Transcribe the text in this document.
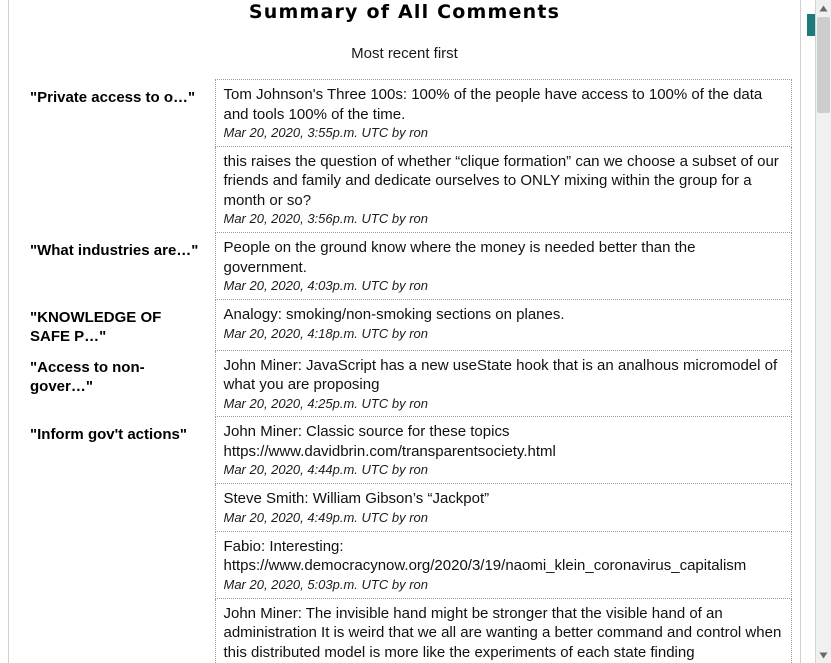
Summary of All Comments
Most recent first
"Private access to o…"	Tom Johnson's Three 100s: 100% of the people have access to 100% of the data and tools 100% of the time.
Mar 20, 2020, 3:55p.m. UTC by ron

	this raises the question of whether “clique formation” can we choose a subset of our friends and family and dedicate ourselves to ONLY mixing within the group for a month or so?
Mar 20, 2020, 3:56p.m. UTC by ron

"What industries are…"	People on the ground know where the money is needed better than the government.
Mar 20, 2020, 4:03p.m. UTC by ron

"KNOWLEDGE OF SAFE P…"	Analogy: smoking/non-smoking sections on planes.
Mar 20, 2020, 4:18p.m. UTC by ron

"Access to non-gover…"	John Miner: JavaScript has a new useState hook that is an analhous micromodel of what you are proposing
Mar 20, 2020, 4:25p.m. UTC by ron

"Inform gov't actions"	John Miner: Classic source for these topics https://www.davidbrin.com/transparentsociety.html
Mar 20, 2020, 4:44p.m. UTC by ron

	Steve Smith: William Gibson’s “Jackpot”
Mar 20, 2020, 4:49p.m. UTC by ron

	Fabio: Interesting: https://www.democracynow.org/2020/3/19/naomi_klein_coronavirus_capitalism
Mar 20, 2020, 5:03p.m. UTC by ron

	John Miner: The invisible hand might be stronger that the visible hand of an administration It is weird that we all are wanting a better command and control when this distributed model is more like the experiments of each state finding
